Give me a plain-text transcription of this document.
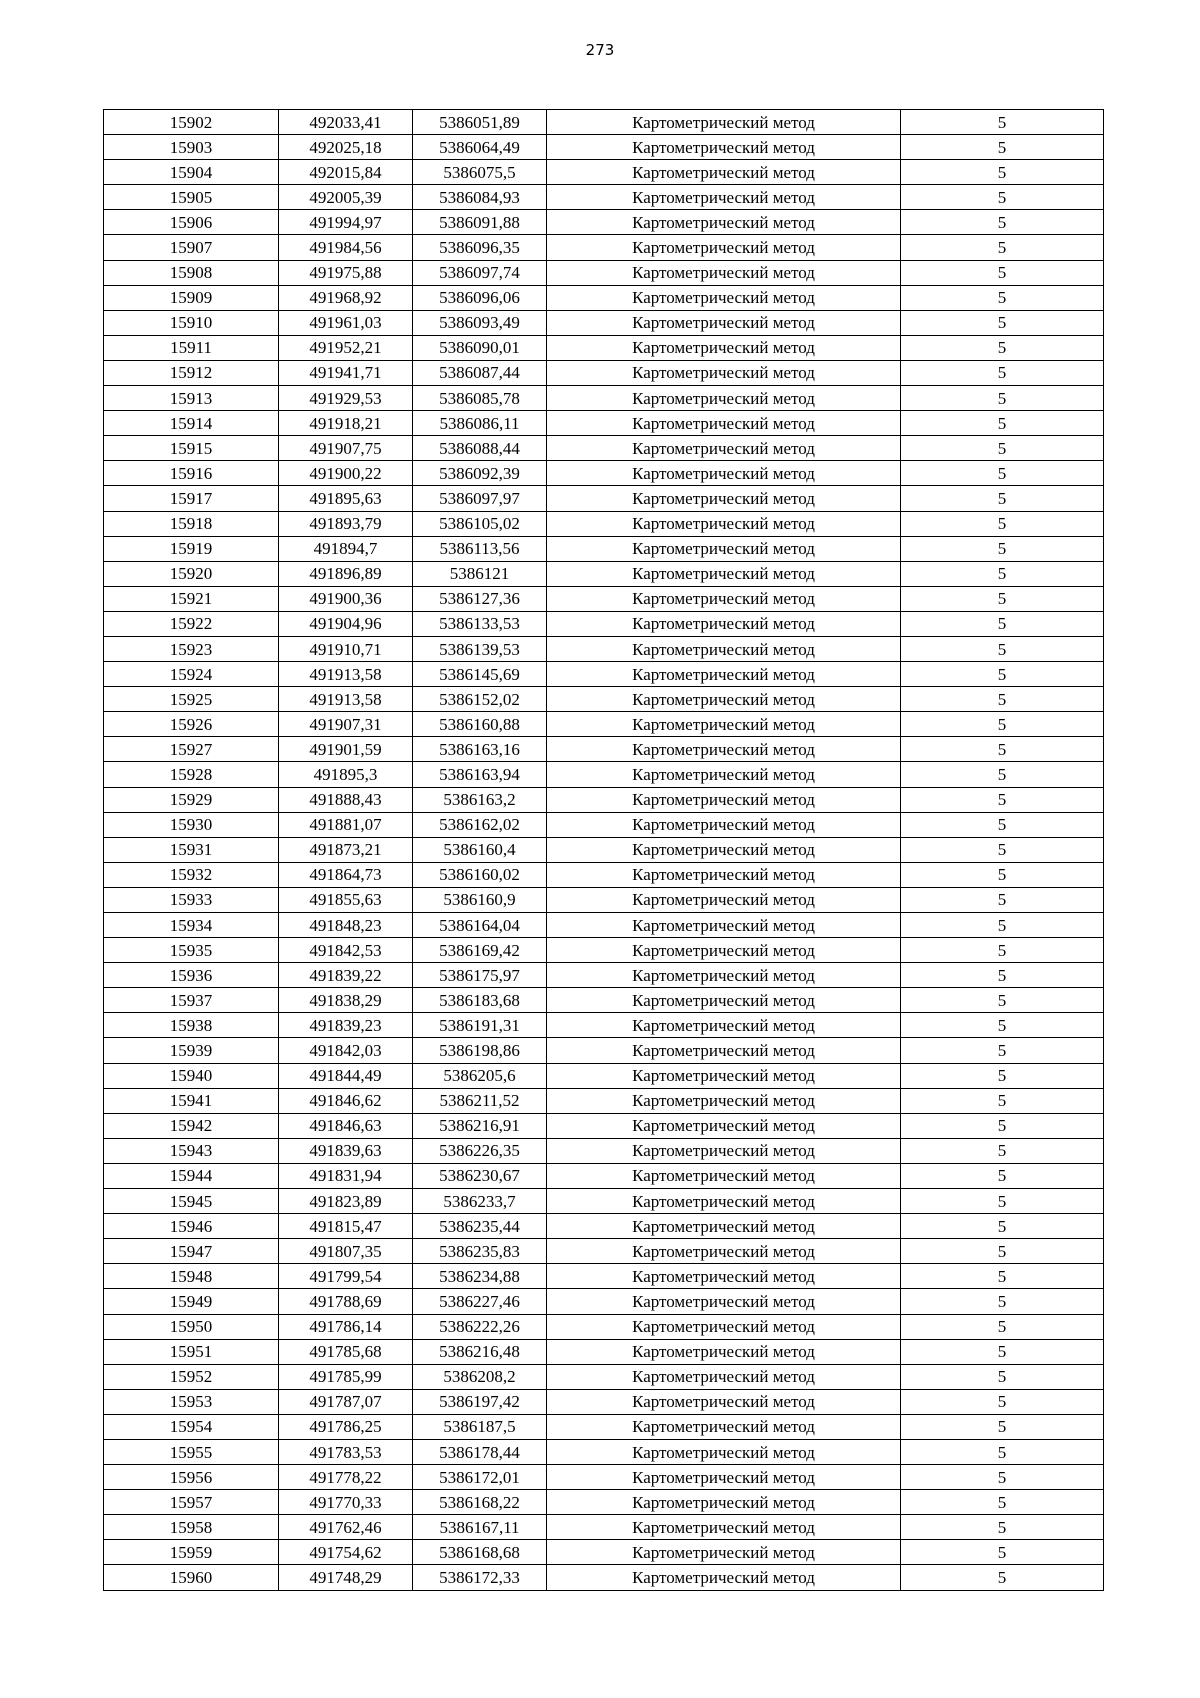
273
15902	492033,41	5386051,89	Картометрический метод	5
15903	492025,18	5386064,49	Картометрический метод	5
15904	492015,84	5386075,5	Картометрический метод	5
15905	492005,39	5386084,93	Картометрический метод	5
15906	491994,97	5386091,88	Картометрический метод	5
15907	491984,56	5386096,35	Картометрический метод	5
15908	491975,88	5386097,74	Картометрический метод	5
15909	491968,92	5386096,06	Картометрический метод	5
15910	491961,03	5386093,49	Картометрический метод	5
15911	491952,21	5386090,01	Картометрический метод	5
15912	491941,71	5386087,44	Картометрический метод	5
15913	491929,53	5386085,78	Картометрический метод	5
15914	491918,21	5386086,11	Картометрический метод	5
15915	491907,75	5386088,44	Картометрический метод	5
15916	491900,22	5386092,39	Картометрический метод	5
15917	491895,63	5386097,97	Картометрический метод	5
15918	491893,79	5386105,02	Картометрический метод	5
15919	491894,7	5386113,56	Картометрический метод	5
15920	491896,89	5386121	Картометрический метод	5
15921	491900,36	5386127,36	Картометрический метод	5
15922	491904,96	5386133,53	Картометрический метод	5
15923	491910,71	5386139,53	Картометрический метод	5
15924	491913,58	5386145,69	Картометрический метод	5
15925	491913,58	5386152,02	Картометрический метод	5
15926	491907,31	5386160,88	Картометрический метод	5
15927	491901,59	5386163,16	Картометрический метод	5
15928	491895,3	5386163,94	Картометрический метод	5
15929	491888,43	5386163,2	Картометрический метод	5
15930	491881,07	5386162,02	Картометрический метод	5
15931	491873,21	5386160,4	Картометрический метод	5
15932	491864,73	5386160,02	Картометрический метод	5
15933	491855,63	5386160,9	Картометрический метод	5
15934	491848,23	5386164,04	Картометрический метод	5
15935	491842,53	5386169,42	Картометрический метод	5
15936	491839,22	5386175,97	Картометрический метод	5
15937	491838,29	5386183,68	Картометрический метод	5
15938	491839,23	5386191,31	Картометрический метод	5
15939	491842,03	5386198,86	Картометрический метод	5
15940	491844,49	5386205,6	Картометрический метод	5
15941	491846,62	5386211,52	Картометрический метод	5
15942	491846,63	5386216,91	Картометрический метод	5
15943	491839,63	5386226,35	Картометрический метод	5
15944	491831,94	5386230,67	Картометрический метод	5
15945	491823,89	5386233,7	Картометрический метод	5
15946	491815,47	5386235,44	Картометрический метод	5
15947	491807,35	5386235,83	Картометрический метод	5
15948	491799,54	5386234,88	Картометрический метод	5
15949	491788,69	5386227,46	Картометрический метод	5
15950	491786,14	5386222,26	Картометрический метод	5
15951	491785,68	5386216,48	Картометрический метод	5
15952	491785,99	5386208,2	Картометрический метод	5
15953	491787,07	5386197,42	Картометрический метод	5
15954	491786,25	5386187,5	Картометрический метод	5
15955	491783,53	5386178,44	Картометрический метод	5
15956	491778,22	5386172,01	Картометрический метод	5
15957	491770,33	5386168,22	Картометрический метод	5
15958	491762,46	5386167,11	Картометрический метод	5
15959	491754,62	5386168,68	Картометрический метод	5
15960	491748,29	5386172,33	Картометрический метод	5
